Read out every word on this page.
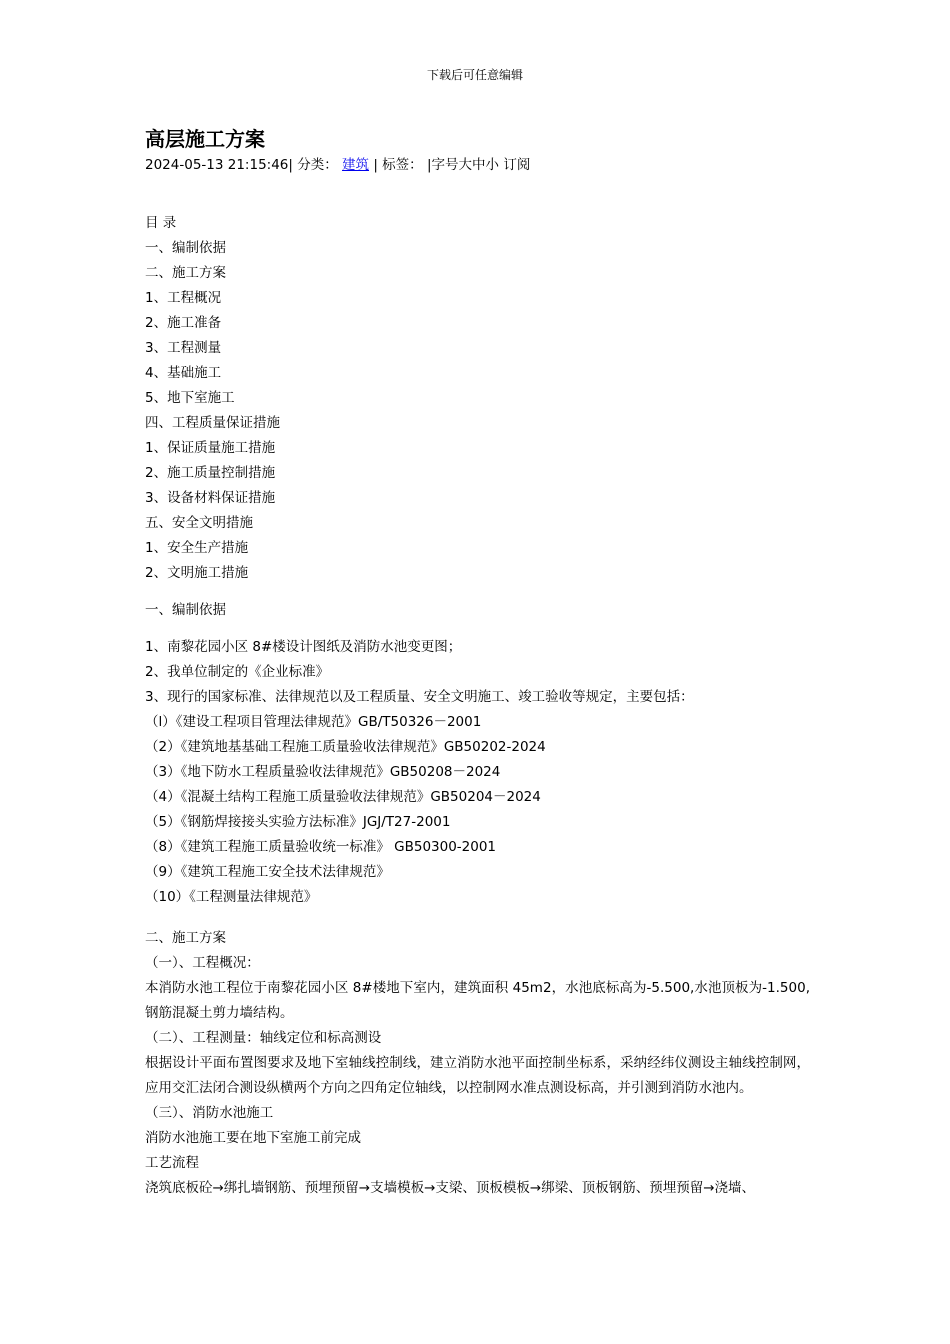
下载后可任意编辑
高层施工方案
2024-05-13 21:15:46| 分类： 建筑 | 标签： |字号大中小 订阅
目 录
一、编制依据
二、施工方案
1、工程概况
2、施工准备
3、工程测量
4、基础施工
5、地下室施工
四、工程质量保证措施
1、保证质量施工措施
2、施工质量控制措施
3、设备材料保证措施
五、安全文明措施
1、安全生产措施
2、文明施工措施
一、编制依据
1、南黎花园小区 8#楼设计图纸及消防水池变更图；
2、我单位制定的《企业标准》
3、现行的国家标准、法律规范以及工程质量、安全文明施工、竣工验收等规定，主要包括：
（l）《建设工程项目管理法律规范》GB/T50326－2001
（2）《建筑地基基础工程施工质量验收法律规范》GB50202-2024
（3）《地下防水工程质量验收法律规范》GB50208－2024
（4）《混凝土结构工程施工质量验收法律规范》GB50204－2024
（5）《钢筋焊接接头实验方法标准》JGJ/T27-2001
（8）《建筑工程施工质量验收统一标准》 GB50300-2001
（9）《建筑工程施工安全技术法律规范》
（10）《工程测量法律规范》
二、施工方案
（一）、工程概况：
本消防水池工程位于南黎花园小区 8#楼地下室内，建筑面积 45m2，水池底标高为-5.500,水池顶板为-1.500,钢筋混凝土剪力墙结构。
（二）、工程测量：轴线定位和标高测设
根据设计平面布置图要求及地下室轴线控制线，建立消防水池平面控制坐标系，采纳经纬仪测设主轴线控制网，应用交汇法闭合测设纵横两个方向之四角定位轴线，以控制网水准点测设标高，并引测到消防水池内。
（三）、消防水池施工
消防水池施工要在地下室施工前完成
工艺流程
浇筑底板砼→绑扎墙钢筋、预埋预留→支墙模板→支梁、顶板模板→绑梁、顶板钢筋、预埋预留→浇墙、
